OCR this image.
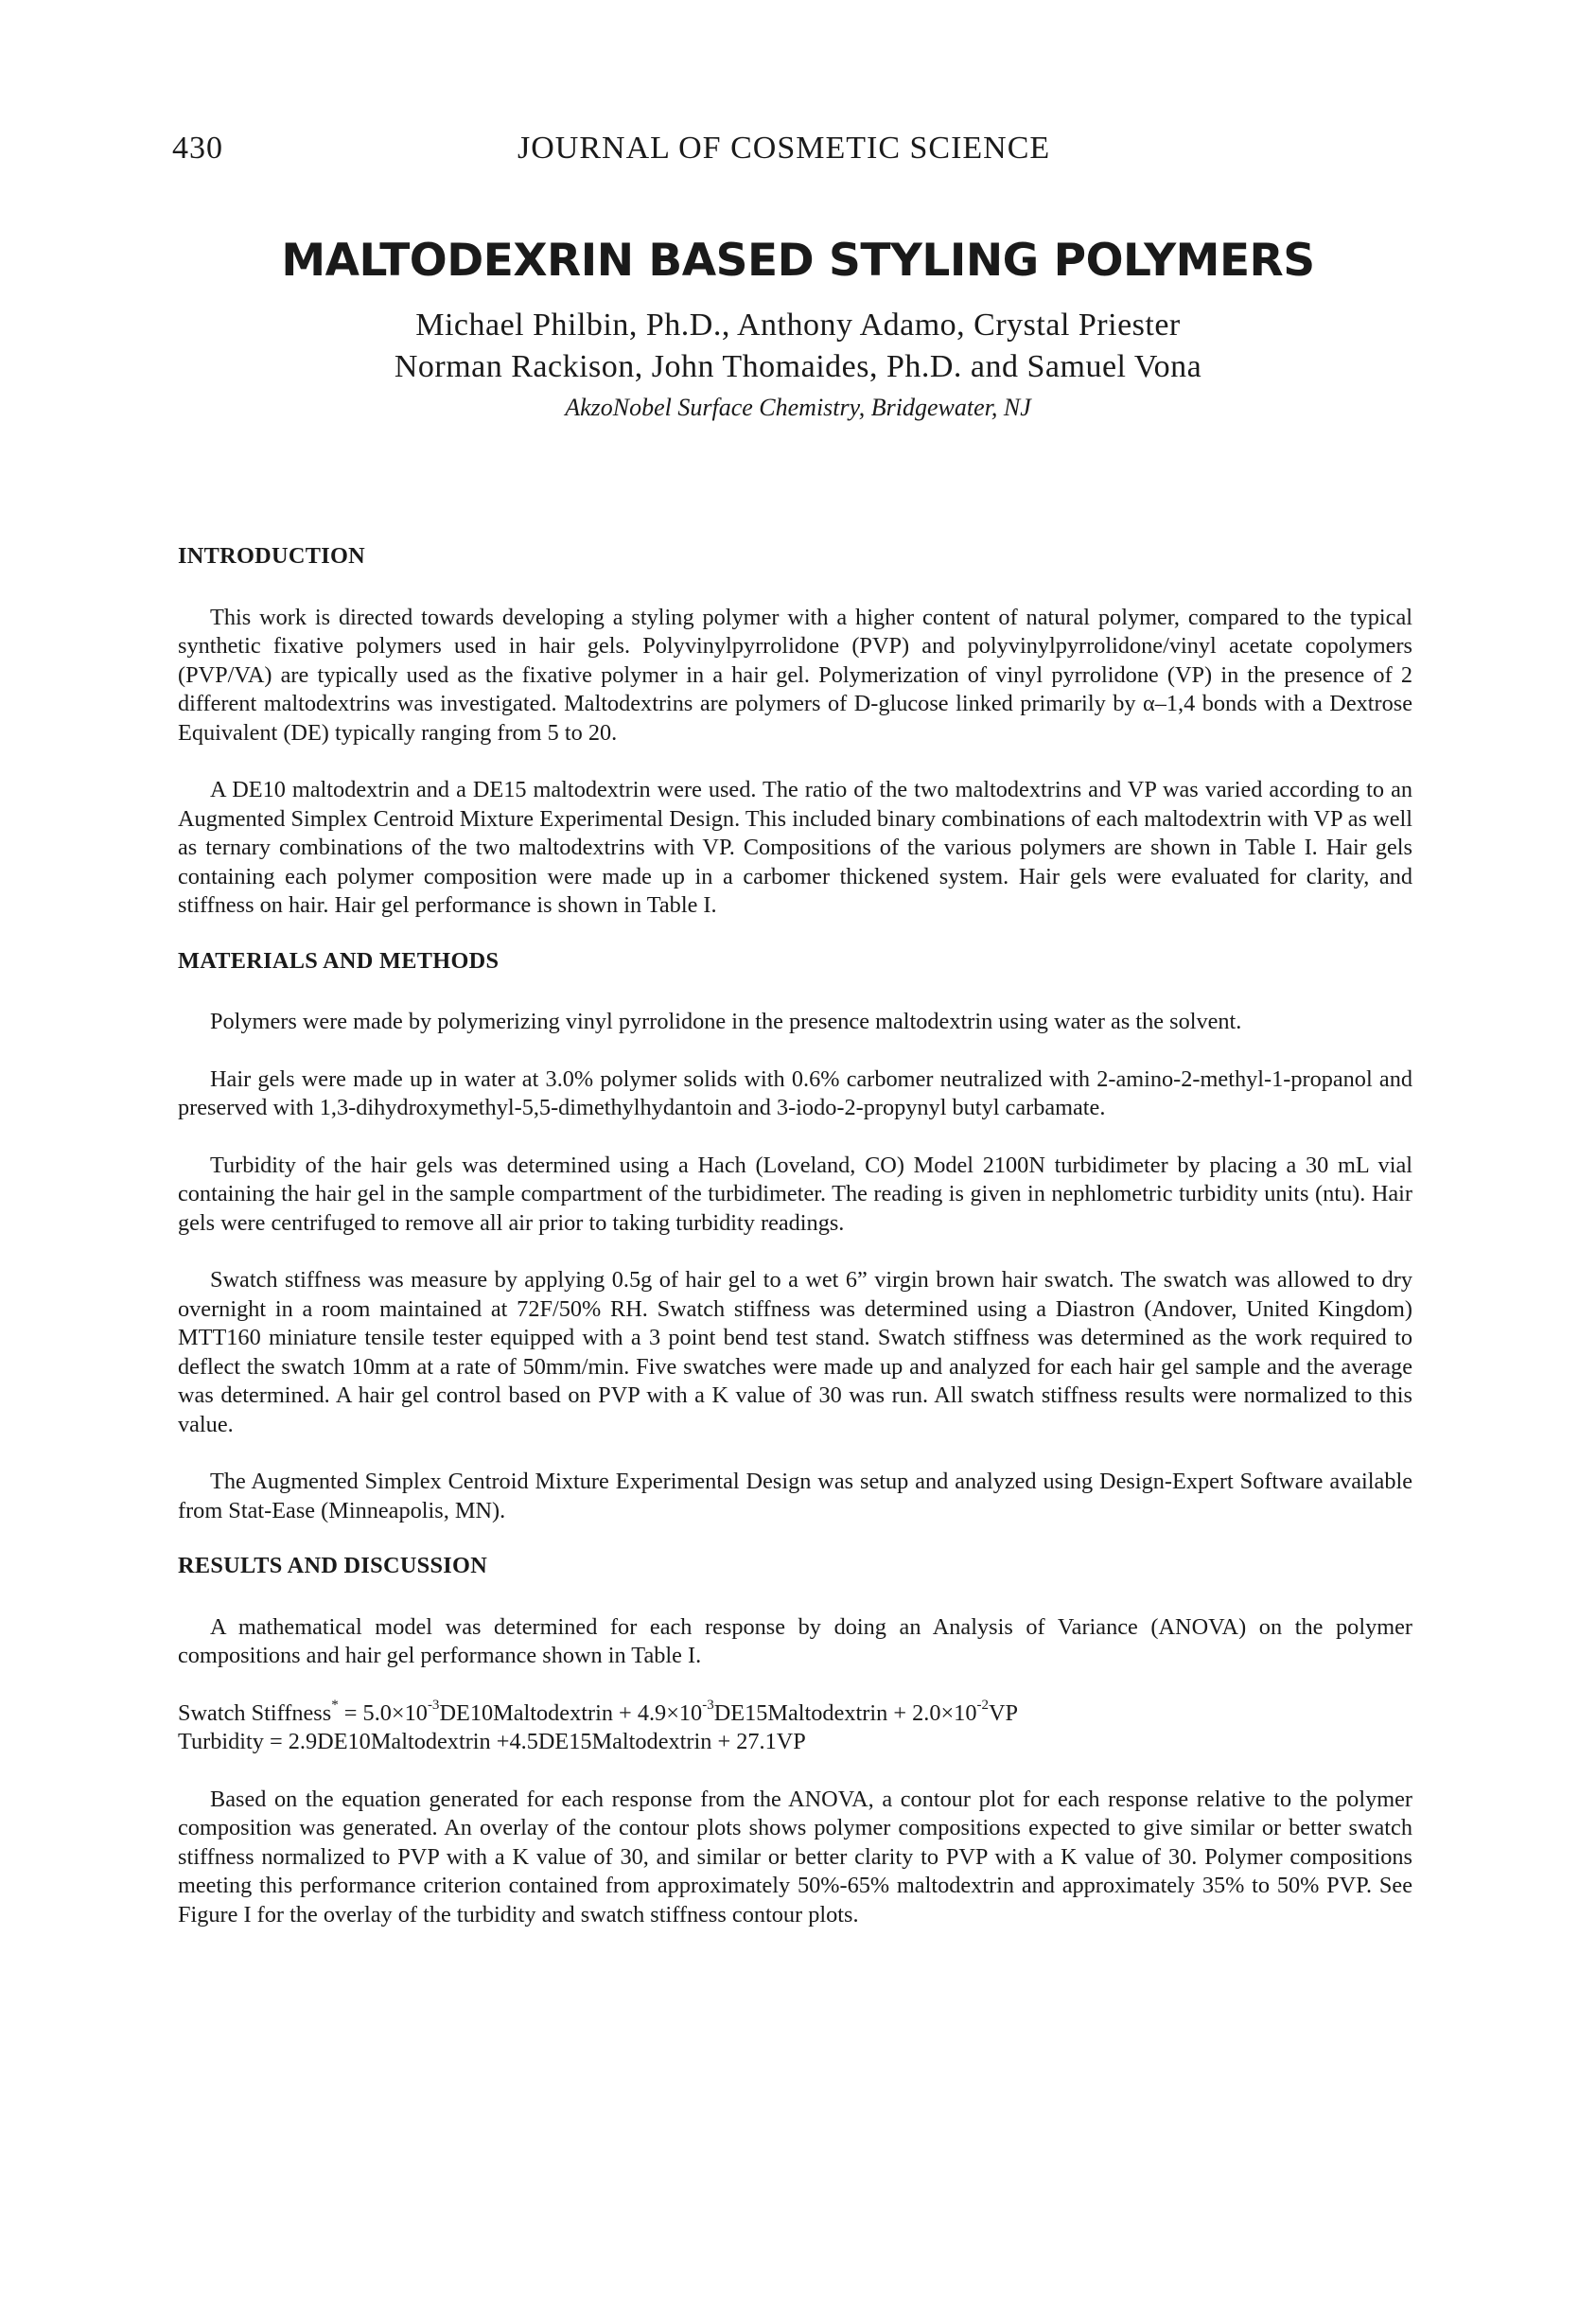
430	JOURNAL OF COSMETIC SCIENCE
MALTODEXRIN BASED STYLING POLYMERS
Michael Philbin, Ph.D., Anthony Adamo, Crystal Priester
Norman Rackison, John Thomaides, Ph.D. and Samuel Vona
AkzoNobel Surface Chemistry, Bridgewater, NJ
INTRODUCTION

This work is directed towards developing a styling polymer with a higher content of natural polymer, compared to the typical synthetic fixative polymers used in hair gels. Polyvinylpyrrolidone (PVP) and polyvinylpyrrolidone/vinyl acetate copolymers (PVP/VA) are typically used as the fixative polymer in a hair gel. Polymerization of vinyl pyrrolidone (VP) in the presence of 2 different maltodextrins was investigated. Maltodextrins are polymers of D-glucose linked primarily by α–1,4 bonds with a Dextrose Equivalent (DE) typically ranging from 5 to 20.

A DE10 maltodextrin and a DE15 maltodextrin were used. The ratio of the two maltodextrins and VP was varied according to an Augmented Simplex Centroid Mixture Experimental Design. This included binary combinations of each maltodextrin with VP as well as ternary combinations of the two maltodextrins with VP. Compositions of the various polymers are shown in Table I. Hair gels containing each polymer composition were made up in a carbomer thickened system. Hair gels were evaluated for clarity, and stiffness on hair. Hair gel performance is shown in Table I.

MATERIALS AND METHODS

Polymers were made by polymerizing vinyl pyrrolidone in the presence maltodextrin using water as the solvent.

Hair gels were made up in water at 3.0% polymer solids with 0.6% carbomer neutralized with 2-amino-2-methyl-1-propanol and preserved with 1,3-dihydroxymethyl-5,5-dimethylhydantoin and 3-iodo-2-propynyl butyl carbamate.

Turbidity of the hair gels was determined using a Hach (Loveland, CO) Model 2100N turbidimeter by placing a 30 mL vial containing the hair gel in the sample compartment of the turbidimeter. The reading is given in nephlometric turbidity units (ntu). Hair gels were centrifuged to remove all air prior to taking turbidity readings.

Swatch stiffness was measure by applying 0.5g of hair gel to a wet 6” virgin brown hair swatch. The swatch was allowed to dry overnight in a room maintained at 72F/50% RH. Swatch stiffness was determined using a Diastron (Andover, United Kingdom) MTT160 miniature tensile tester equipped with a 3 point bend test stand. Swatch stiffness was determined as the work required to deflect the swatch 10mm at a rate of 50mm/min. Five swatches were made up and analyzed for each hair gel sample and the average was determined. A hair gel control based on PVP with a K value of 30 was run. All swatch stiffness results were normalized to this value.

The Augmented Simplex Centroid Mixture Experimental Design was setup and analyzed using Design-Expert Software available from Stat-Ease (Minneapolis, MN).

RESULTS AND DISCUSSION

A mathematical model was determined for each response by doing an Analysis of Variance (ANOVA) on the polymer compositions and hair gel performance shown in Table I.

Swatch Stiffness* = $5.0\times 10^{-3}DE10Maltodextrin$ + $4.9\times 10^{-3}DE15Maltodextrin + 2.0\times 10^{-2}VP$
Turbidity = 2.9DE10Maltodextrin +4.5DE15Maltodextrin + 27.1VP

Based on the equation generated for each response from the ANOVA, a contour plot for each response relative to the polymer composition was generated. An overlay of the contour plots shows polymer compositions expected to give similar or better swatch stiffness normalized to PVP with a K value of 30, and similar or better clarity to PVP with a K value of 30. Polymer compositions meeting this performance criterion contained from approximately 50%-65% maltodextrin and approximately 35% to 50% PVP. See Figure I for the overlay of the turbidity and swatch stiffness contour plots.
